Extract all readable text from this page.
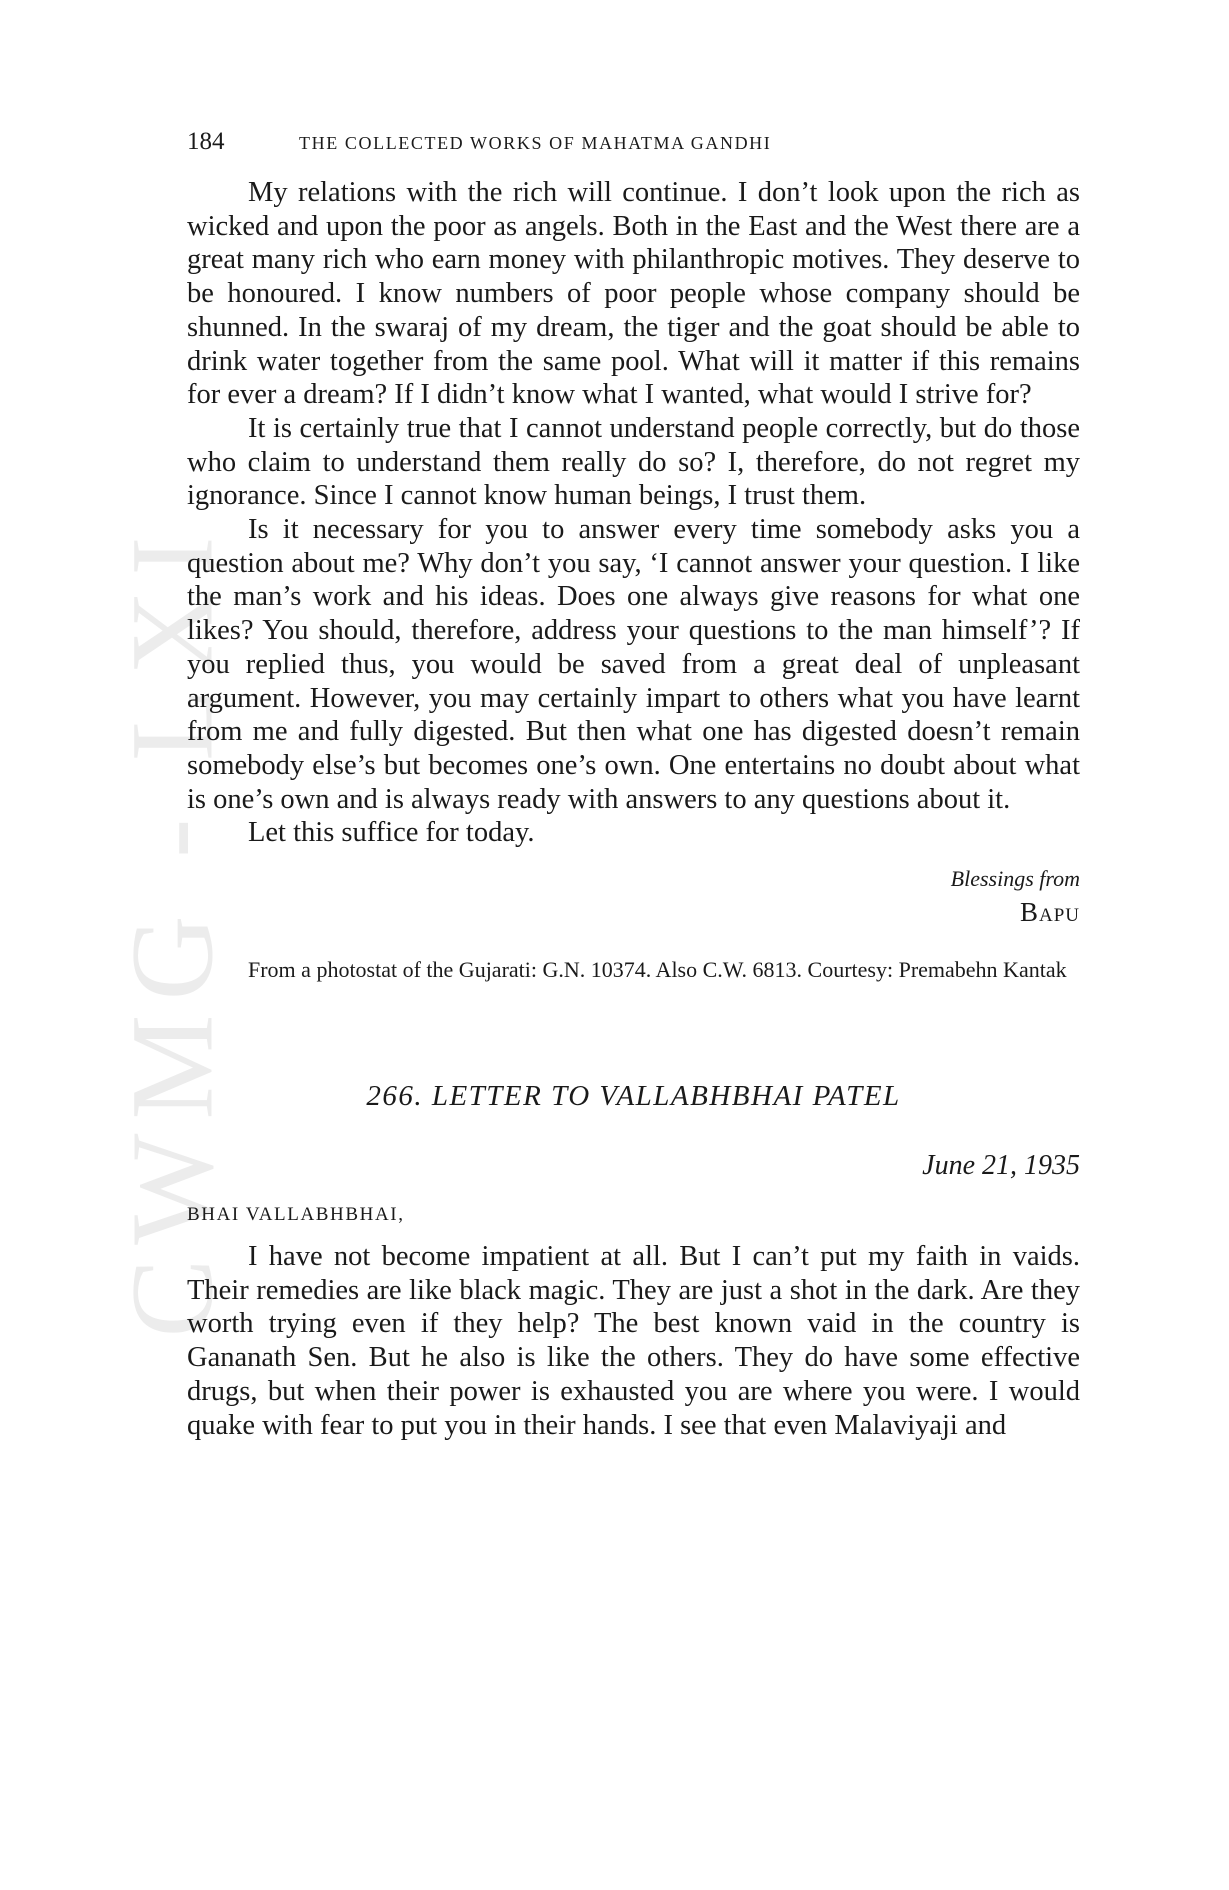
CWMG - LXI
184	THE COLLECTED WORKS OF MAHATMA GANDHI

My relations with the rich will continue. I don’t look upon the rich as wicked and upon the poor as angels. Both in the East and the West there are a great many rich who earn money with philanthropic motives. They deserve to be honoured. I know numbers of poor people whose company should be shunned. In the swaraj of my dream, the tiger and the goat should be able to drink water together from the same pool. What will it matter if this remains for ever a dream? If I didn’t know what I wanted, what would I strive for?

It is certainly true that I cannot understand people correctly, but do those who claim to understand them really do so? I, therefore, do not regret my ignorance. Since I cannot know human beings, I trust them.

Is it necessary for you to answer every time somebody asks you a question about me? Why don’t you say, ‘I cannot answer your question. I like the man’s work and his ideas. Does one always give reasons for what one likes? You should, therefore, address your questions to the man himself’? If you replied thus, you would be saved from a great deal of unpleasant argument. However, you may certainly impart to others what you have learnt from me and fully digested. But then what one has digested doesn’t remain somebody else’s but becomes one’s own. One entertains no doubt about what is one’s own and is always ready with answers to any questions about it.

Let this suffice for today.

Blessings from
Bapu
From a photostat of the Gujarati: G.N. 10374. Also C.W. 6813. Courtesy: Premabehn Kantak
266. LETTER TO VALLABHBHAI PATEL
June 21, 1935
BHAI VALLABHBHAI,

I have not become impatient at all. But I can’t put my faith in vaids. Their remedies are like black magic. They are just a shot in the dark. Are they worth trying even if they help? The best known vaid in the country is Gananath Sen. But he also is like the others. They do have some effective drugs, but when their power is exhausted you are where you were. I would quake with fear to put you in their hands. I see that even Malaviyaji and
